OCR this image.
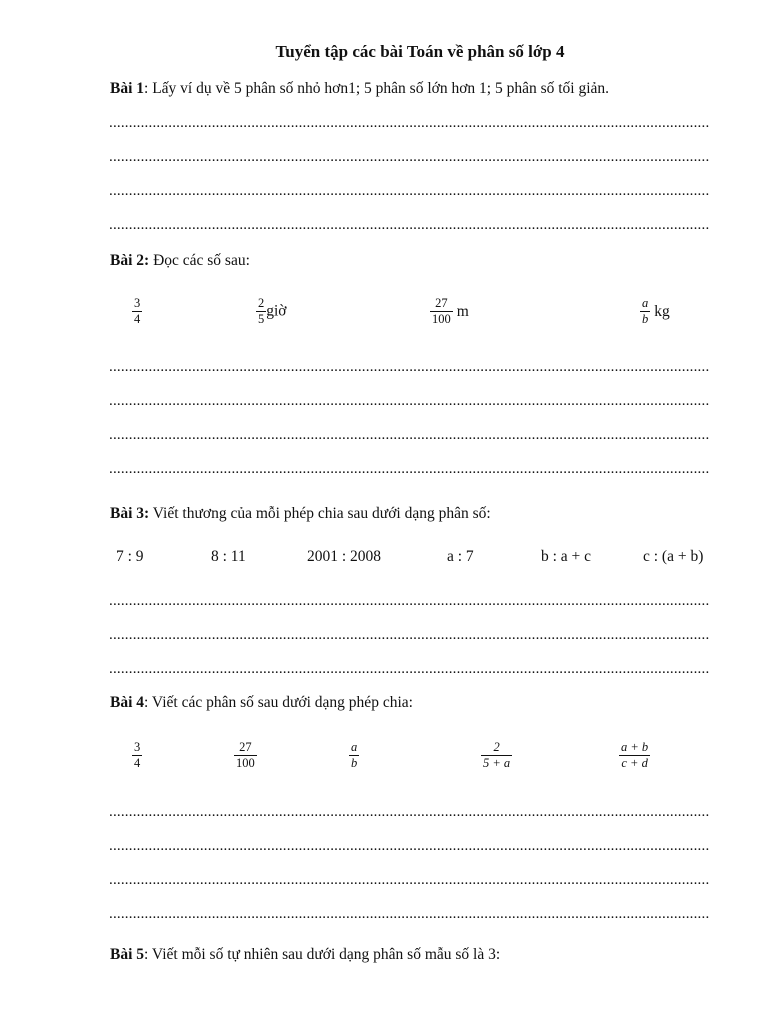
Tuyển tập các bài Toán về phân số lớp 4
Bài 1: Lấy ví dụ về 5 phân số nhỏ hơn1; 5 phân số lớn hơn 1; 5 phân số tối giản.
........................................................................................................................................................
........................................................................................................................................................
........................................................................................................................................................
........................................................................................................................................................
Bài 2: Đọc các số sau:
$\frac{3}{4}$	$\frac{2}{5}$ giờ	$\frac{27}{100}$ m	$\frac{a}{b}$ kg
........................................................................................................................................................
........................................................................................................................................................
........................................................................................................................................................
........................................................................................................................................................
Bài 3: Viết thương của mỗi phép chia sau dưới dạng phân số:
7 : 9	8 : 11	2001 : 2008	a : 7	b : a + c	c : (a + b)
........................................................................................................................................................
........................................................................................................................................................
........................................................................................................................................................
Bài 4: Viết các phân số sau dưới dạng phép chia:
$\frac{3}{4}$	$\frac{27}{100}$	$\frac{a}{b}$	$\frac{2}{5 + a}$	$\frac{a + b}{c + d}$
........................................................................................................................................................
........................................................................................................................................................
........................................................................................................................................................
........................................................................................................................................................
Bài 5: Viết mỗi số tự nhiên sau dưới dạng phân số mẫu số là 3:
